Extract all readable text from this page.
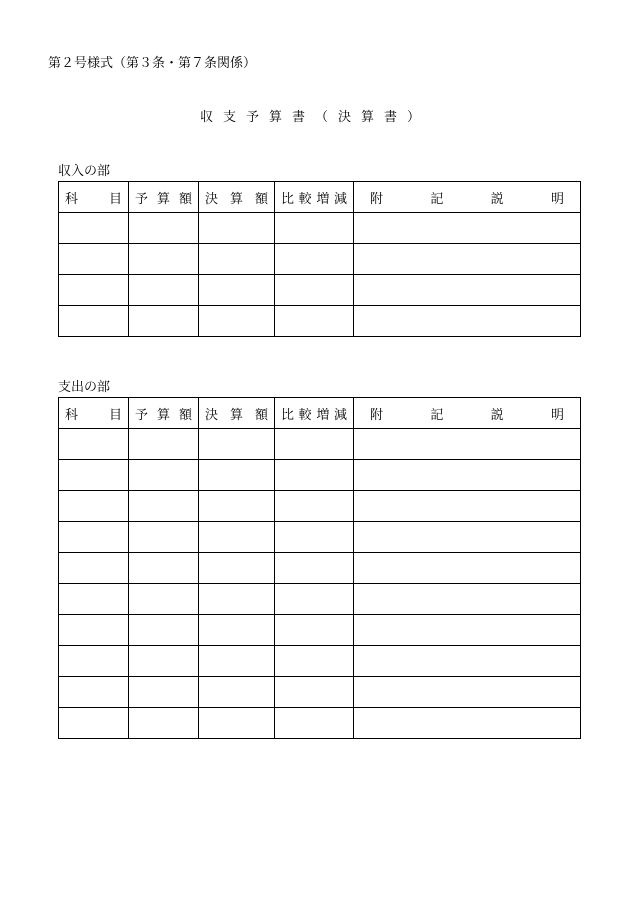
第２号様式（第３条・第７条関係）
収支予算書（決算書）
収入の部
科 目	予 算 額	決 算 額	比 較 増 減	附 記 説 明

支出の部
科 目	予 算 額	決 算 額	比 較 増 減	附 記 説 明
